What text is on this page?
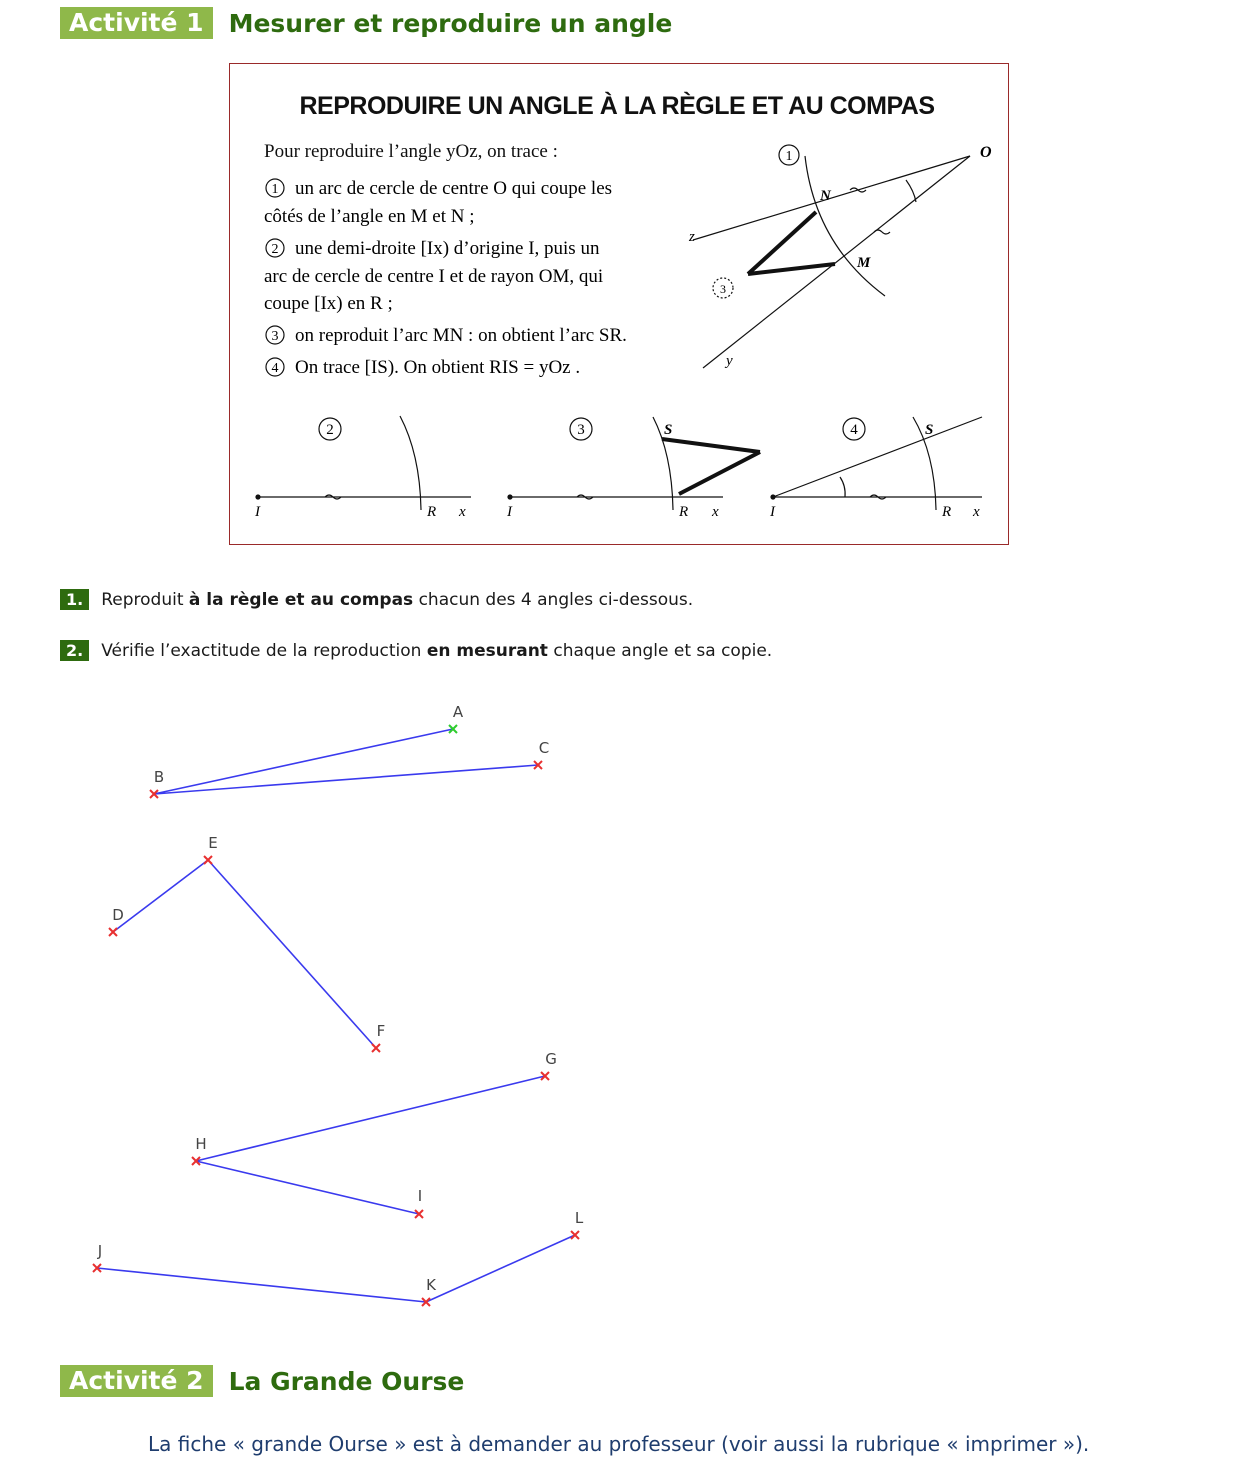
Activité 1	Mesurer et reproduire un angle
REPRODUIRE UN ANGLE À LA RÈGLE ET AU COMPAS
Pour reproduire l’angle yOz, on trace :
1 un arc de cercle de centre O qui coupe les
côtés de l’angle en M et N ;
2 une demi-droite [Ix) d’origine I, puis un
arc de cercle de centre I et de rayon OM, qui
coupe [Ix) en R ;
3 on reproduit l’arc MN : on obtient l’arc SR.
4 On trace [IS). On obtient RIS = yOz .
O
N
M
z
y
1
3
2
I	R x
3
I	R x
S	4
I	R x
S
1.	Reproduit à la règle et au compas chacun des 4 angles ci-dessous.
2.	Vérifie l’exactitude de la reproduction en mesurant chaque angle et sa copie.
A
B
C
D
E
F
G
H
I
J
K
L
Activité 2	La Grande Ourse
La fiche « grande Ourse » est à demander au professeur (voir aussi la rubrique « imprimer »).
